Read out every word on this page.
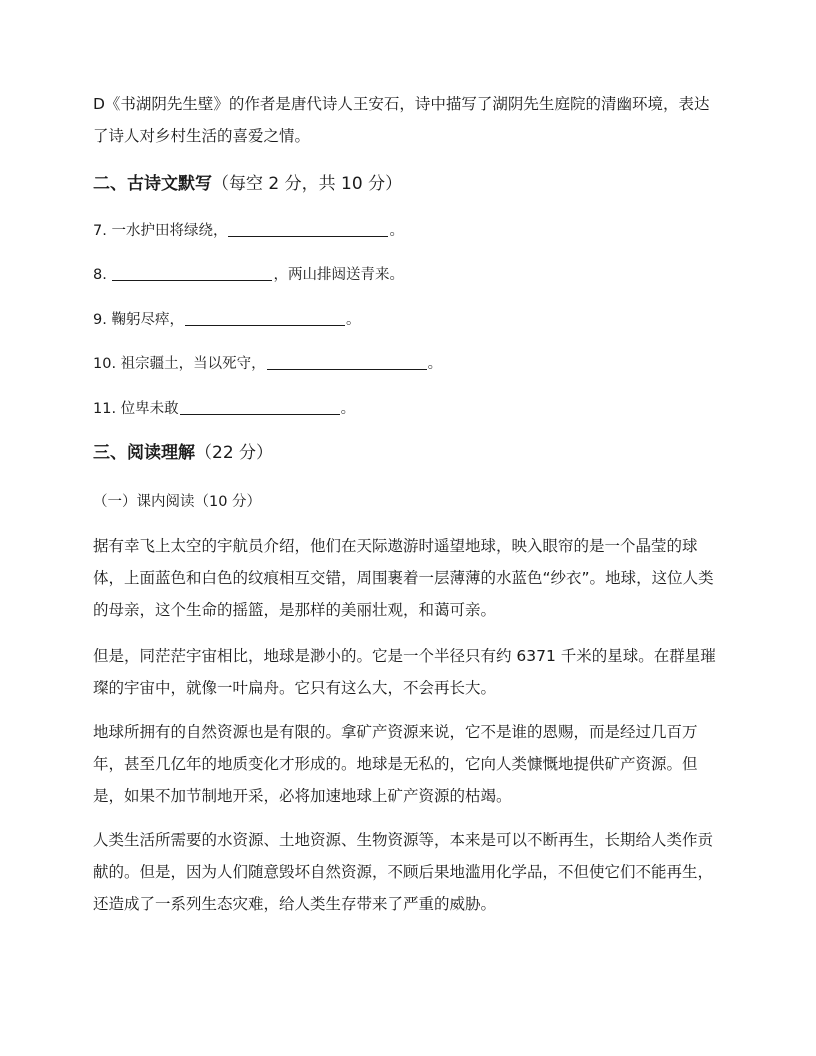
D《书湖阴先生壁》的作者是唐代诗人王安石，诗中描写了湖阴先生庭院的清幽环境，表达了诗人对乡村生活的喜爱之情。

二、古诗文默写（每空 2 分，共 10 分）

7. 一水护田将绿绕，	。

8.	，两山排闼送青来。

9. 鞠躬尽瘁，	。

10. 祖宗疆土，当以死守，	。

11. 位卑未敢	。

三、阅读理解（22 分）

（一）课内阅读（10 分）

据有幸飞上太空的宇航员介绍，他们在天际遨游时遥望地球，映入眼帘的是一个晶莹的球体，上面蓝色和白色的纹痕相互交错，周围裹着一层薄薄的水蓝色“纱衣”。地球，这位人类的母亲，这个生命的摇篮，是那样的美丽壮观，和蔼可亲。

但是，同茫茫宇宙相比，地球是渺小的。它是一个半径只有约 6371 千米的星球。在群星璀璨的宇宙中，就像一叶扁舟。它只有这么大，不会再长大。

地球所拥有的自然资源也是有限的。拿矿产资源来说，它不是谁的恩赐，而是经过几百万年，甚至几亿年的地质变化才形成的。地球是无私的，它向人类慷慨地提供矿产资源。但是，如果不加节制地开采，必将加速地球上矿产资源的枯竭。

人类生活所需要的水资源、土地资源、生物资源等，本来是可以不断再生，长期给人类作贡献的。但是，因为人们随意毁坏自然资源，不顾后果地滥用化学品，不但使它们不能再生，还造成了一系列生态灾难，给人类生存带来了严重的威胁。
